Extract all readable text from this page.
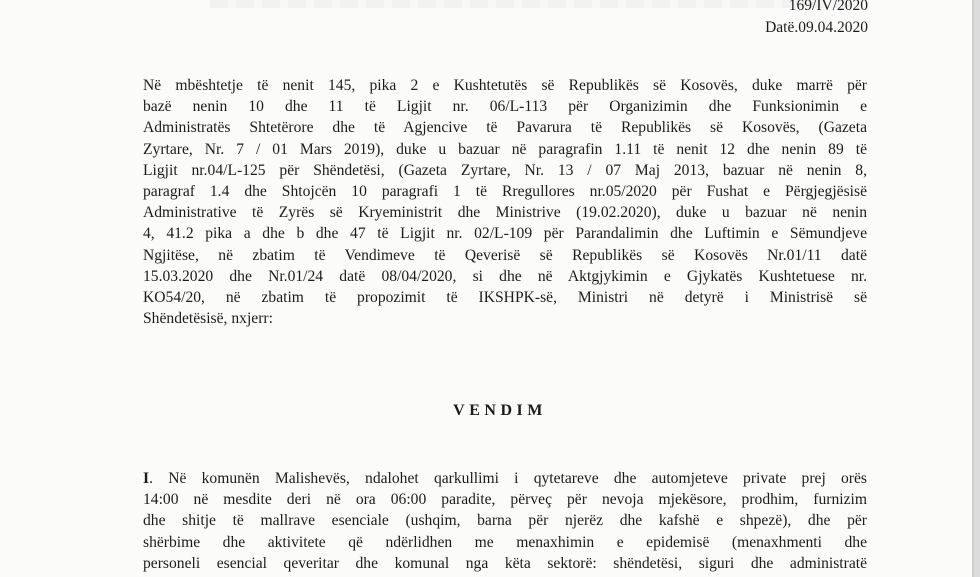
169/IV/2020
Datë.09.04.2020
Në mbështetje të nenit 145, pika 2 e Kushtetutës së Republikës së Kosovës, duke marrë për
bazë nenin 10 dhe 11 të Ligjit nr. 06/L-113 për Organizimin dhe Funksionimin e
Administratës Shtetërore dhe të Agjencive të Pavarura të Republikës së Kosovës, (Gazeta
Zyrtare, Nr. 7 / 01 Mars 2019), duke u bazuar në paragrafin 1.11 të nenit 12 dhe nenin 89 të
Ligjit nr.04/L-125 për Shëndetësi, (Gazeta Zyrtare, Nr. 13 / 07 Maj 2013, bazuar në nenin 8,
paragraf 1.4 dhe Shtojcën 10 paragrafi 1 të Rregullores nr.05/2020 për Fushat e Përgjegjësisë
Administrative të Zyrës së Kryeministrit dhe Ministrive (19.02.2020), duke u bazuar në nenin
4, 41.2 pika a dhe b dhe 47 të Ligjit nr. 02/L-109 për Parandalimin dhe Luftimin e Sëmundjeve
Ngjitëse, në zbatim të Vendimeve të Qeverisë së Republikës së Kosovës Nr.01/11 datë
15.03.2020 dhe Nr.01/24 datë 08/04/2020, si dhe në Aktgjykimin e Gjykatës Kushtetuese nr.
KO54/20, në zbatim të propozimit të IKSHPK-së, Ministri në detyrë i Ministrisë së
Shëndetësisë, nxjerr:
VENDIM
I. Në komunën Malishevës, ndalohet qarkullimi i qytetareve dhe automjeteve private prej orës
14:00 në mesdite deri në ora 06:00 paradite, përveç për nevoja mjekësore, prodhim, furnizim
dhe shitje të mallrave esenciale (ushqim, barna për njerëz dhe kafshë e shpezë), dhe për
shërbime dhe aktivitete që ndërlidhen me menaxhimin e epidemisë (menaxhmenti dhe
personeli esencial qeveritar dhe komunal nga këta sektorë: shëndetësi, siguri dhe administratë
